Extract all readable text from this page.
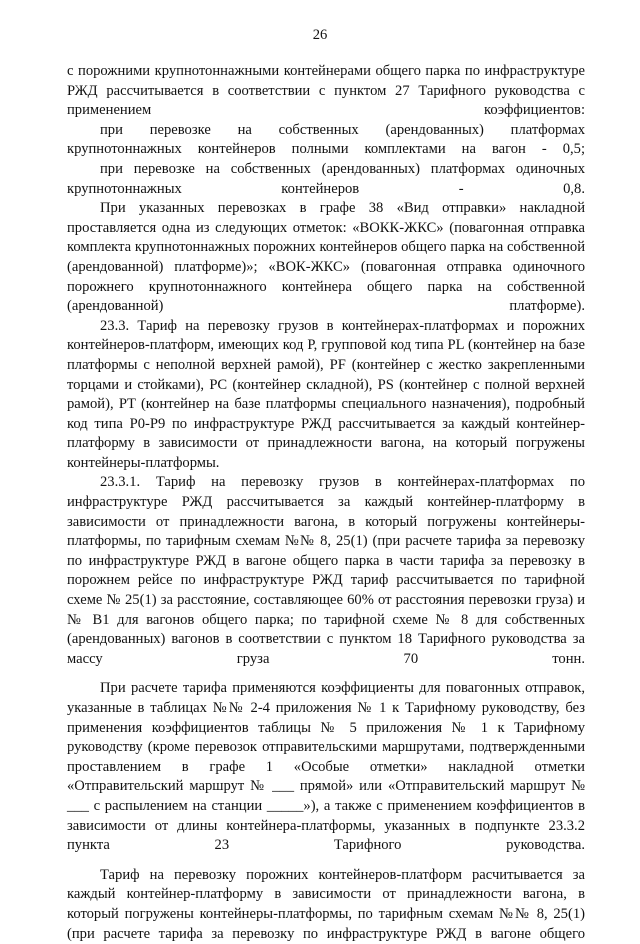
26

с порожними крупнотоннажными контейнерами общего парка по инфраструктуре РЖД рассчитывается в соответствии с пунктом 27 Тарифного руководства с применением коэффициентов:

при перевозке на собственных (арендованных) платформах крупнотоннажных контейнеров полными комплектами на вагон - 0,5;

при перевозке на собственных (арендованных) платформах одиночных крупнотоннажных контейнеров - 0,8.

При указанных перевозках в графе 38 «Вид отправки» накладной проставляется одна из следующих отметок: «ВОКК-ЖКС» (повагонная отправка комплекта крупнотоннажных порожних контейнеров общего парка на собственной (арендованной) платформе)»; «ВОК-ЖКС» (повагонная отправка одиночного порожнего крупнотоннажного контейнера общего парка на собственной (арендованной) платформе).

23.3. Тариф на перевозку грузов в контейнерах-платформах и порожних контейнеров-платформ, имеющих код Р, групповой код типа PL (контейнер на базе платформы с неполной верхней рамой), PF (контейнер с жестко закрепленными торцами и стойками), PC (контейнер складной), PS (контейнер с полной верхней рамой), PT (контейнер на базе платформы специального назначения), подробный код типа Р0-Р9 по инфраструктуре РЖД рассчитывается за каждый контейнер-платформу в зависимости от принадлежности вагона, на который погружены контейнеры-платформы.

23.3.1. Тариф на перевозку грузов в контейнерах-платформах по инфраструктуре РЖД рассчитывается за каждый контейнер-платформу в зависимости от принадлежности вагона, в который погружены контейнеры-платформы, по тарифным схемам №№ 8, 25(1) (при расчете тарифа за перевозку по инфраструктуре РЖД в вагоне общего парка в части тарифа за перевозку в порожнем рейсе по инфраструктуре РЖД тариф рассчитывается по тарифной схеме № 25(1) за расстояние, составляющее 60% от расстояния перевозки груза) и № В1 для вагонов общего парка; по тарифной схеме № 8 для собственных (арендованных) вагонов в соответствии с пунктом 18 Тарифного руководства за массу груза 70 тонн.

При расчете тарифа применяются коэффициенты для повагонных отправок, указанные в таблицах №№ 2-4 приложения № 1 к Тарифному руководству, без применения коэффициентов таблицы № 5 приложения № 1 к Тарифному руководству (кроме перевозок отправительскими маршрутами, подтвержденными проставлением в графе 1 «Особые отметки» накладной отметки «Отправительский маршрут № ___ прямой» или «Отправительский маршрут № ___ с распылением на станции _____»), а также с применением коэффициентов в зависимости от длины контейнера-платформы, указанных в подпункте 23.3.2 пункта 23 Тарифного руководства.

Тариф на перевозку порожних контейнеров-платформ расчитывается за каждый контейнер-платформу в зависимости от принадлежности вагона, в который погружены контейнеры-платформы, по тарифным схемам №№ 8, 25(1) (при расчете тарифа за перевозку по инфраструктуре РЖД в вагоне общего
